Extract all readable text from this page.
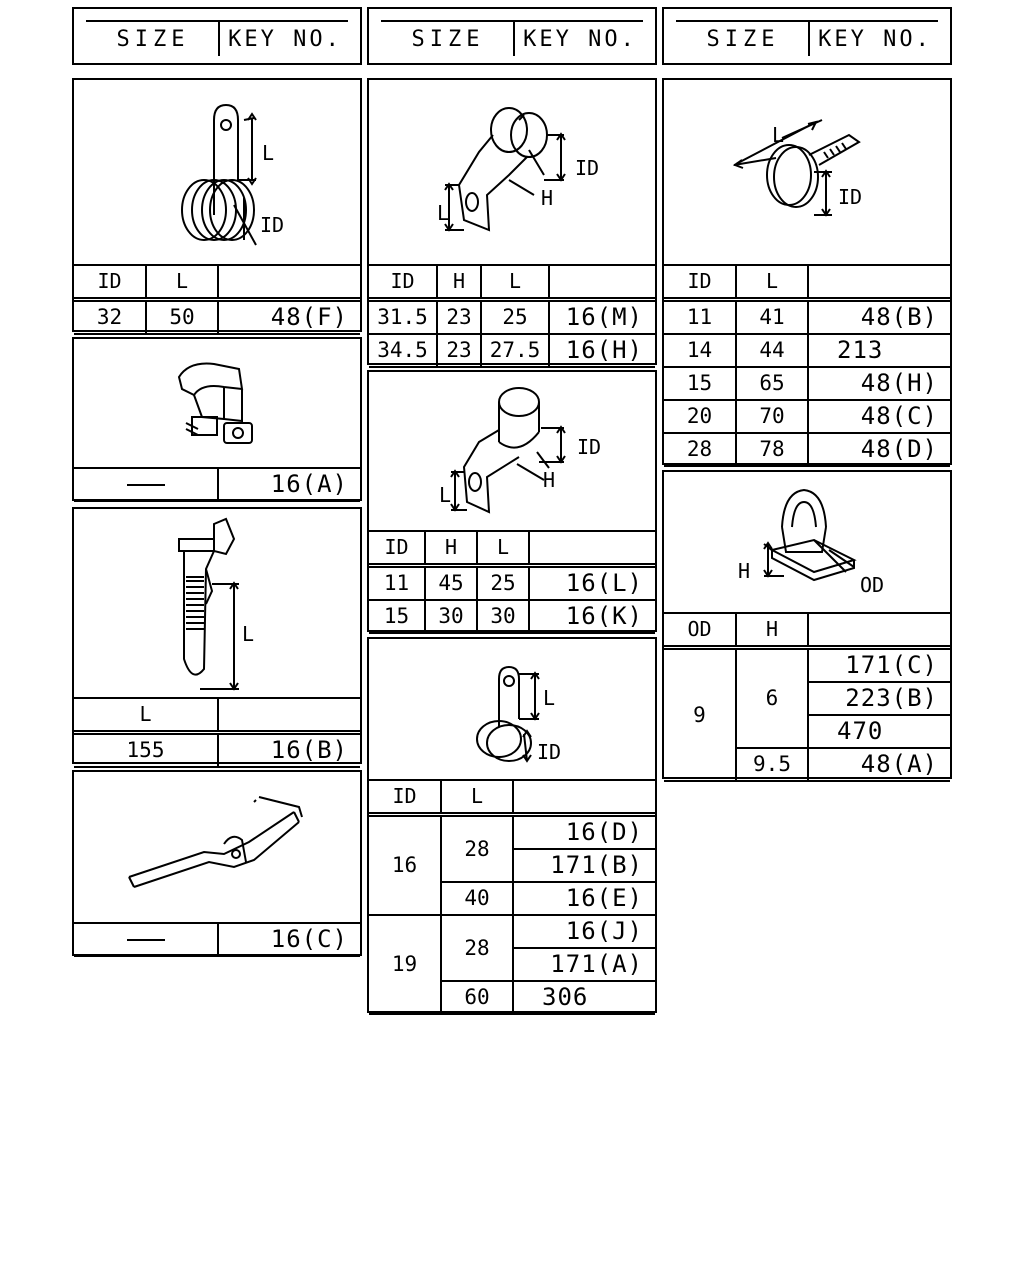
SIZE	KEY NO.	SIZE	KEY NO.	SIZE	KEY NO.
L
ID
ID	L	
32	50	48(F)
	16(A)
L
L	
155	16(B)
	16(C)
ID
H
L
ID	H	L	
31.5	23	25	16(M)
34.5	23	27.5	16(H)
ID
H
L
ID	H	L	
11	45	25	16(L)
15	30	30	16(K)
L
ID
ID	L	
16	28	16(D)
		171(B)
	40	16(E)
19	28	16(J)
		171(A)
	60	306
L
ID
ID	L	
11	41	48(B)
14	44	213
15	65	48(H)
20	70	48(C)
28	78	48(D)
H
OD
OD	H	
9	6	171(C)
		223(B)
		470
	9.5	48(A)
